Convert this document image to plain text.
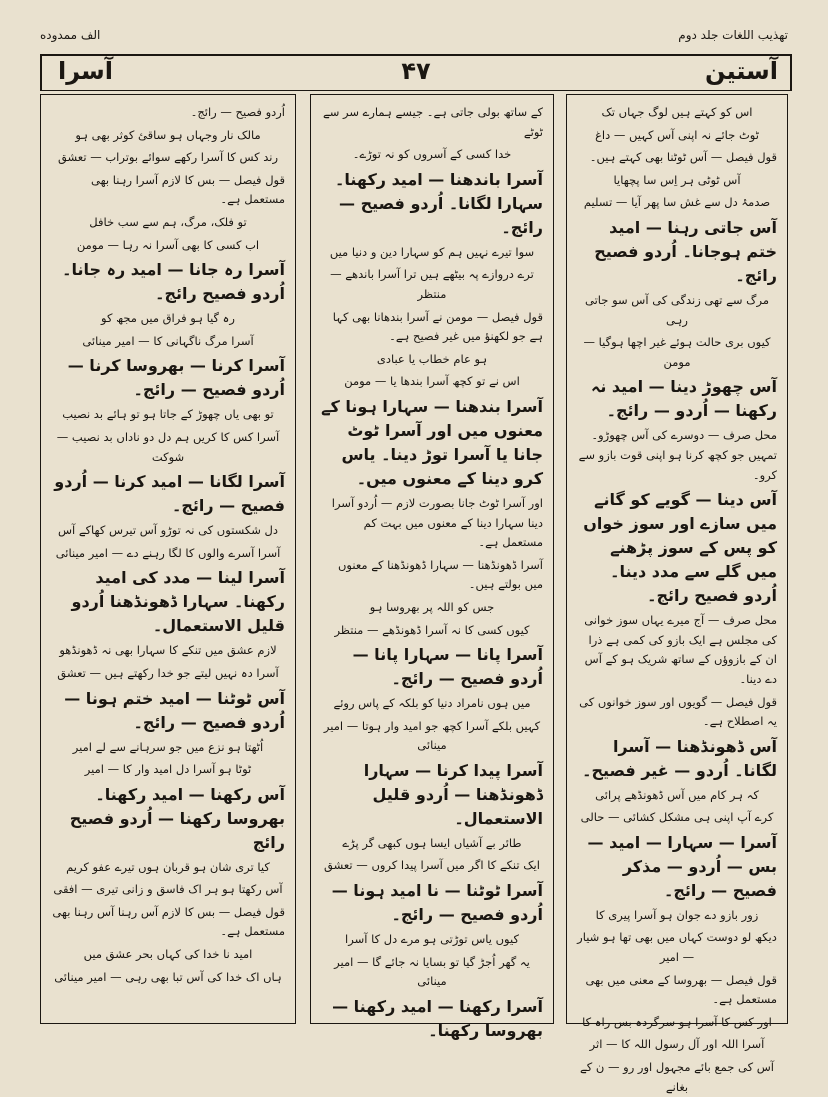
تهذيب اللغات جلد دوم
الف ممدوده
آستین
۴۷
آسرا

اس کو کہتے ہیں لوگ جہاں تک

ٹوٹ جائے نہ اپنی آس کہیں — داغ

قول فیصل — آس ٹوٹنا بھی کہتے ہیں۔

آس ٹوٹی ہر اِس سا پچھایا

صدمۂ دل سے غش سا پھر آیا — تسلیم

آس جاتی رہنا — امید ختم ہوجانا۔ اُردو فصیح رائج۔

مرگ سے تھی زندگی کی آس سو جاتی رہی

کیوں بری حالت ہوئے غیر اچھا ہوگیا — مومن

آس چھوڑ دینا — امید نہ رکھنا — اُردو — رائج۔

محل صرف — دوسرے کی آس چھوڑو۔ تمہیں جو کچھ کرنا ہو اپنی قوت بازو سے کرو۔

آس دینا — گویے کو گانے میں سازے اور سوز خواں کو پس کے سوز پڑھنے میں گلے سے مدد دینا۔ اُردو فصیح رائج۔

محل صرف — آج میرے یہاں سوز خوانی کی مجلس ہے ایک بازو کی کمی ہے ذرا ان کے بازوؤں کے ساتھ شریک ہو کے آس دے دینا۔

قول فیصل — گویوں اور سوز خوانوں کی یہ اصطلاح ہے۔

آس ڈھونڈھنا — آسرا لگانا۔ اُردو — غیر فصیح۔

کہ ہر کام میں آس ڈھونڈھے پرائی

کرے آپ اپنی ہی مشکل کشائی — حالی

آسرا — سہارا — امید — بس — اُردو — مذکر فصیح — رائج۔

زور بازو دے جوان ہو آسرا پیری کا

دیکھ لو دوست کہاں میں بھی تھا ہو شیار — امیر

قول فیصل — بھروسا کے معنی میں بھی مستعمل ہے۔

اور کس کا آسرا ہو سرگردہ بس راہ کا

آسرا اللہ اور آل رسول اللہ کا — اثر

آس کی جمع بائے مجہول اور رو — ن کے بغانے

کے ساتھ بولی جاتی ہے۔ جیسے ہمارے سر سے ٹوٹے

خدا کسی کے آسروں کو نہ توڑے۔

آسرا باندھنا — امید رکھنا۔ سہارا لگانا۔ اُردو فصیح — رائج۔

سوا تیرے نہیں ہم کو سہارا دین و دنیا میں

ترے دروازے پہ بیٹھے ہیں ترا آسرا باندھے — منتظر

قول فیصل — مومن نے آسرا بندھانا بھی کہا ہے جو لکھنؤ میں غیر فصیح ہے۔

ہو عام خطاب یا عبادی

اس نے تو کچھ آسرا بندھا یا — مومن

آسرا بندھنا — سہارا ہونا کے معنوں میں اور آسرا ٹوٹ جانا یا آسرا توڑ دینا۔ یاس کرو دینا کے معنوں میں۔

اور آسرا ٹوٹ جانا بصورت لازم — اُردو آسرا دینا سہارا دینا کے معنوں میں بہت کم مستعمل ہے۔

آسرا ڈھونڈھنا — سہارا ڈھونڈھنا کے معنوں میں بولتے ہیں۔

جس کو اللہ پر بھروسا ہو

کیوں کسی کا نہ آسرا ڈھونڈھے — منتظر

آسرا پانا — سہارا پانا — اُردو فصیح — رائج۔

میں ہوں نامراد دنیا کو بلکہ کے پاس روئے

کہیں بلکے آسرا کچھ جو امید وار ہوتا — امیر مینائی

آسرا پیدا کرنا — سہارا ڈھونڈھنا — اُردو قلیل الاستعمال۔

طائر بے آشیاں ایسا ہوں کبھی گر پڑے

ایک تنکے کا اگر میں آسرا پیدا کروں — تعشق

آسرا ٹوٹنا — نا امید ہونا — اُردو فصیح — رائج۔

کیوں یاس توڑتی ہو مرے دل کا آسرا

یہ گھر اُجڑ گیا تو بسایا نہ جائے گا — امیر مینائی

آسرا رکھنا — امید رکھنا — بھروسا رکھنا۔

اُردو فصیح — رائج۔

مالک نار وجہاں ہو ساقئ کوثر بھی ہو

رند کس کا آسرا رکھے سوائے بوتراب — تعشق

قول فیصل — بس کا لازم آسرا رہنا بھی مستعمل ہے۔

تو فلک، مرگ، ہم سے سب خافل

اب کسی کا بھی آسرا نہ رہا — مومن

آسرا رہ جانا — امید رہ جانا۔ اُردو فصیح رائج۔

رہ گیا ہو فراق میں مجھ کو

آسرا مرگ ناگہانی کا — امیر مینائی

آسرا کرنا — بھروسا کرنا — اُردو فصیح — رائج۔

تو بھی یاں چھوڑ کے جاتا ہو تو ہائے بد نصیب

آسرا کس کا کریں ہم دل دو ناداں بد نصیب — شوکت

آسرا لگانا — امید کرنا — اُردو فصیح — رائج۔

دل شکستوں کی نہ توڑو آس تیرس کھاکے آس

آسرا آسرے والوں کا لگا رہنے دے — امیر مینائی

آسرا لینا — مدد کی امید رکھنا۔ سہارا ڈھونڈھنا اُردو قلیل الاستعمال۔

لازم عشق میں تنکے کا سہارا بھی نہ ڈھونڈھو

آسرا دہ نہیں لیتے جو خدا رکھتے ہیں — تعشق

آس ٹوٹنا — امید ختم ہونا — اُردو فصیح — رائج۔

اُٹھتا ہو نزع میں جو سرہانے سے لے امیر

ٹوٹا ہو آسرا دل امید وار کا — امیر

آس رکھنا — امید رکھنا۔ بھروسا رکھنا — اُردو فصیح رائج

کیا تری شان ہو قربان ہوں تیرے عفو کریم

آس رکھتا ہو ہر اک فاسق و زانی تیری — افقی

قول فیصل — بس کا لازم آس رہنا آس رہنا بھی مستعمل ہے۔

امید نا خدا کی کہاں بحر عشق میں

ہاں اک خدا کی آس تبا بھی رہی — امیر مینائی
